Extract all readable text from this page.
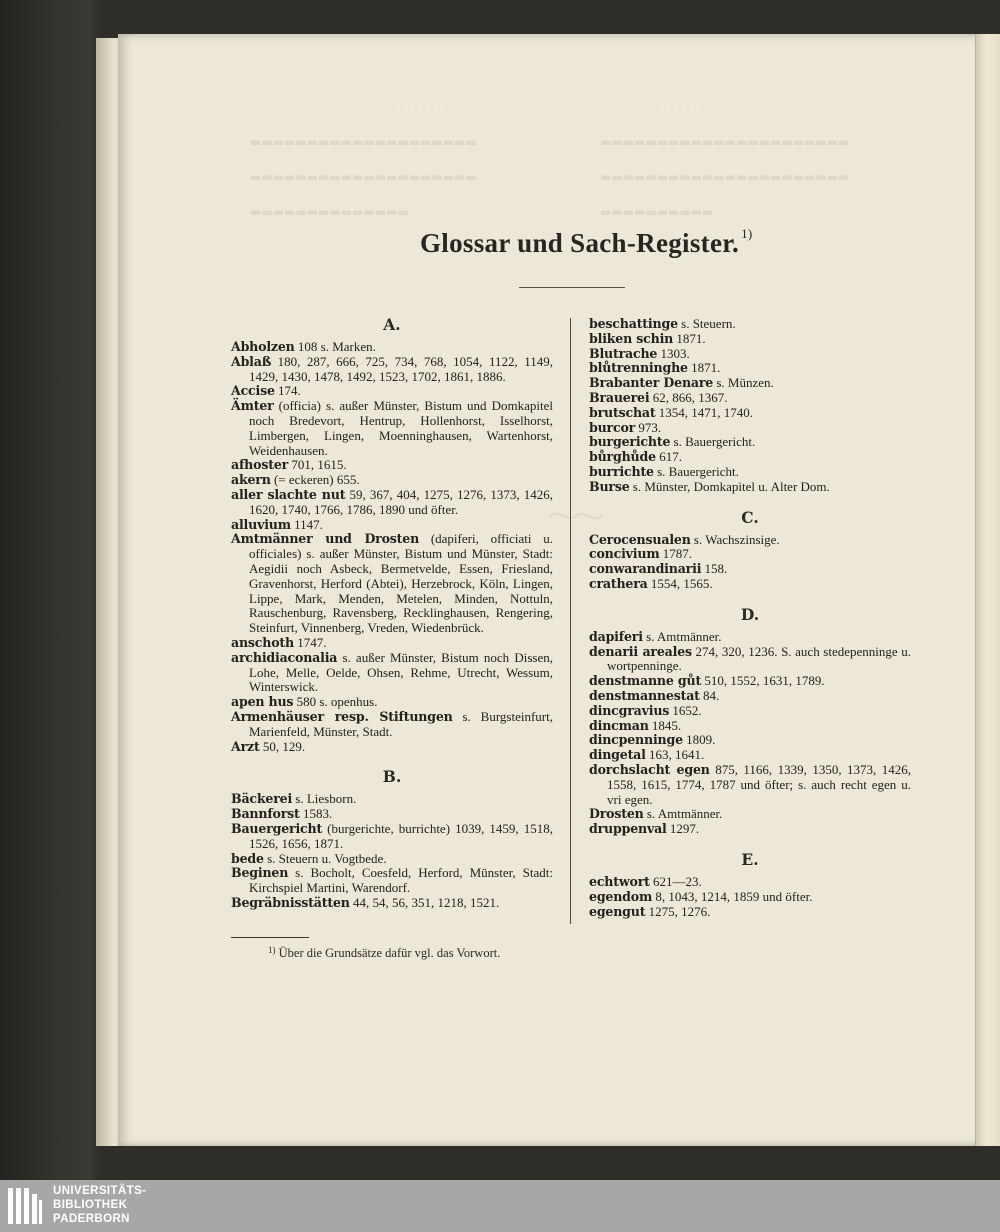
· · · · · · · · · · · · · · · · · · · · ·	· · · · · · · · · · · · · · · · · · ·
▬▬▬▬▬▬▬▬▬▬▬▬▬▬▬▬▬▬▬▬	▬▬▬▬▬▬▬▬▬▬▬▬▬▬▬▬▬▬▬▬▬▬
▬▬▬▬▬▬▬▬▬▬▬▬▬▬▬▬▬▬▬▬	▬▬▬▬▬▬▬▬▬▬▬▬▬▬▬▬▬▬▬▬▬▬
▬▬▬▬▬▬▬▬▬▬▬▬▬▬	▬▬▬▬▬▬▬▬▬▬
Glossar und Sach-Register. $^{1)}$
A.
Abholzen 108 s. Marken.
Ablaß 180, 287, 666, 725, 734, 768, 1054, 1122, 1149, 1429, 1430, 1478, 1492, 1523, 1702, 1861, 1886.
Accise 174.
Ämter (officia) s. außer Münster, Bistum und Domkapitel noch Bredevort, Hentrup, Hollenhorst, Isselhorst, Limbergen, Lingen, Moenninghausen, Wartenhorst, Weidenhausen.
afhoster 701, 1615.
akern (= eckeren) 655.
aller slachte nut 59, 367, 404, 1275, 1276, 1373, 1426, 1620, 1740, 1766, 1786, 1890 und öfter.
alluvium 1147.
Amtmänner und Drosten (dapiferi, officiati u. officiales) s. außer Münster, Bistum und Münster, Stadt: Aegidii noch Asbeck, Bermetvelde, Essen, Friesland, Gravenhorst, Herford (Abtei), Herzebrock, Köln, Lingen, Lippe, Mark, Menden, Metelen, Minden, Nottuln, Rauschenburg, Ravensberg, Recklinghausen, Rengering, Steinfurt, Vinnenberg, Vreden, Wiedenbrück.
anschoth 1747.
archidiaconalia s. außer Münster, Bistum noch Dissen, Lohe, Melle, Oelde, Ohsen, Rehme, Utrecht, Wessum, Winterswick.
apen hus 580 s. openhus.
Armenhäuser resp. Stiftungen s. Burgsteinfurt, Marienfeld, Münster, Stadt.
Arzt 50, 129.
B.
Bäckerei s. Liesborn.
Bannforst 1583.
Bauergericht (burgerichte, burrichte) 1039, 1459, 1518, 1526, 1656, 1871.
bede s. Steuern u. Vogtbede.
Beginen s. Bocholt, Coesfeld, Herford, Münster, Stadt: Kirchspiel Martini, Warendorf.
Begräbnisstätten 44, 54, 56, 351, 1218, 1521.
beschattinge s. Steuern.
bliken schin 1871.
Blutrache 1303.
blůtrenninghe 1871.
Brabanter Denare s. Münzen.
Brauerei 62, 866, 1367.
brutschat 1354, 1471, 1740.
burcor 973.
burgerichte s. Bauergericht.
bůrghůde 617.
burrichte s. Bauergericht.
Burse s. Münster, Domkapitel u. Alter Dom.
C.
Cerocensualen s. Wachszinsige.
concivium 1787.
conwarandinarii 158.
crathera 1554, 1565.
D.
dapiferi s. Amtmänner.
denarii areales 274, 320, 1236. S. auch stedepenninge u. wortpenninge.
denstmanne gůt 510, 1552, 1631, 1789.
denstmannestat 84.
dincgravius 1652.
dincman 1845.
dincpenninge 1809.
dingetal 163, 1641.
dorchslacht egen 875, 1166, 1339, 1350, 1373, 1426, 1558, 1615, 1774, 1787 und öfter; s. auch recht egen u. vri egen.
Drosten s. Amtmänner.
druppenval 1297.
E.
echtwort 621—23.
egendom 8, 1043, 1214, 1859 und öfter.
egengut 1275, 1276.
$^{1)}$ Über die Grundsätze dafür vgl. das Vorwort.
UNIVERSITÄTS-
BIBLIOTHEK
PADERBORN
